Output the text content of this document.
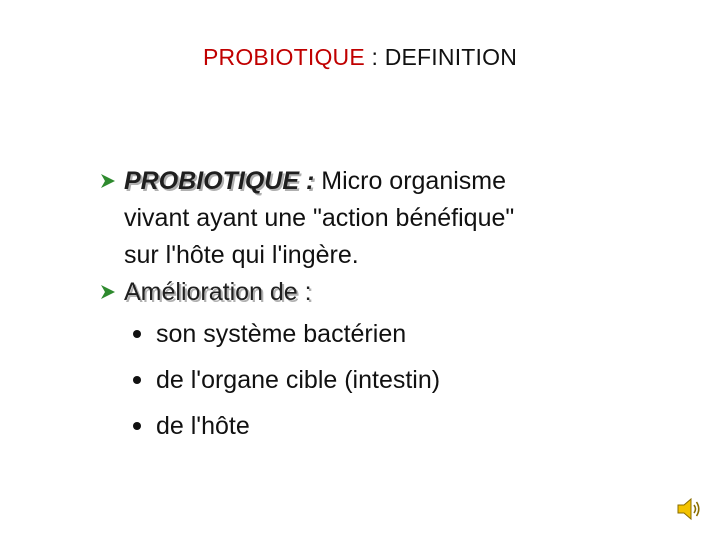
PROBIOTIQUE : DEFINITION
PROBIOTIQUE : Micro organisme
vivant ayant une "action bénéfique"
sur l'hôte qui l'ingère.
Amélioration de :
son système bactérien
de l'organe cible (intestin)
de l'hôte
